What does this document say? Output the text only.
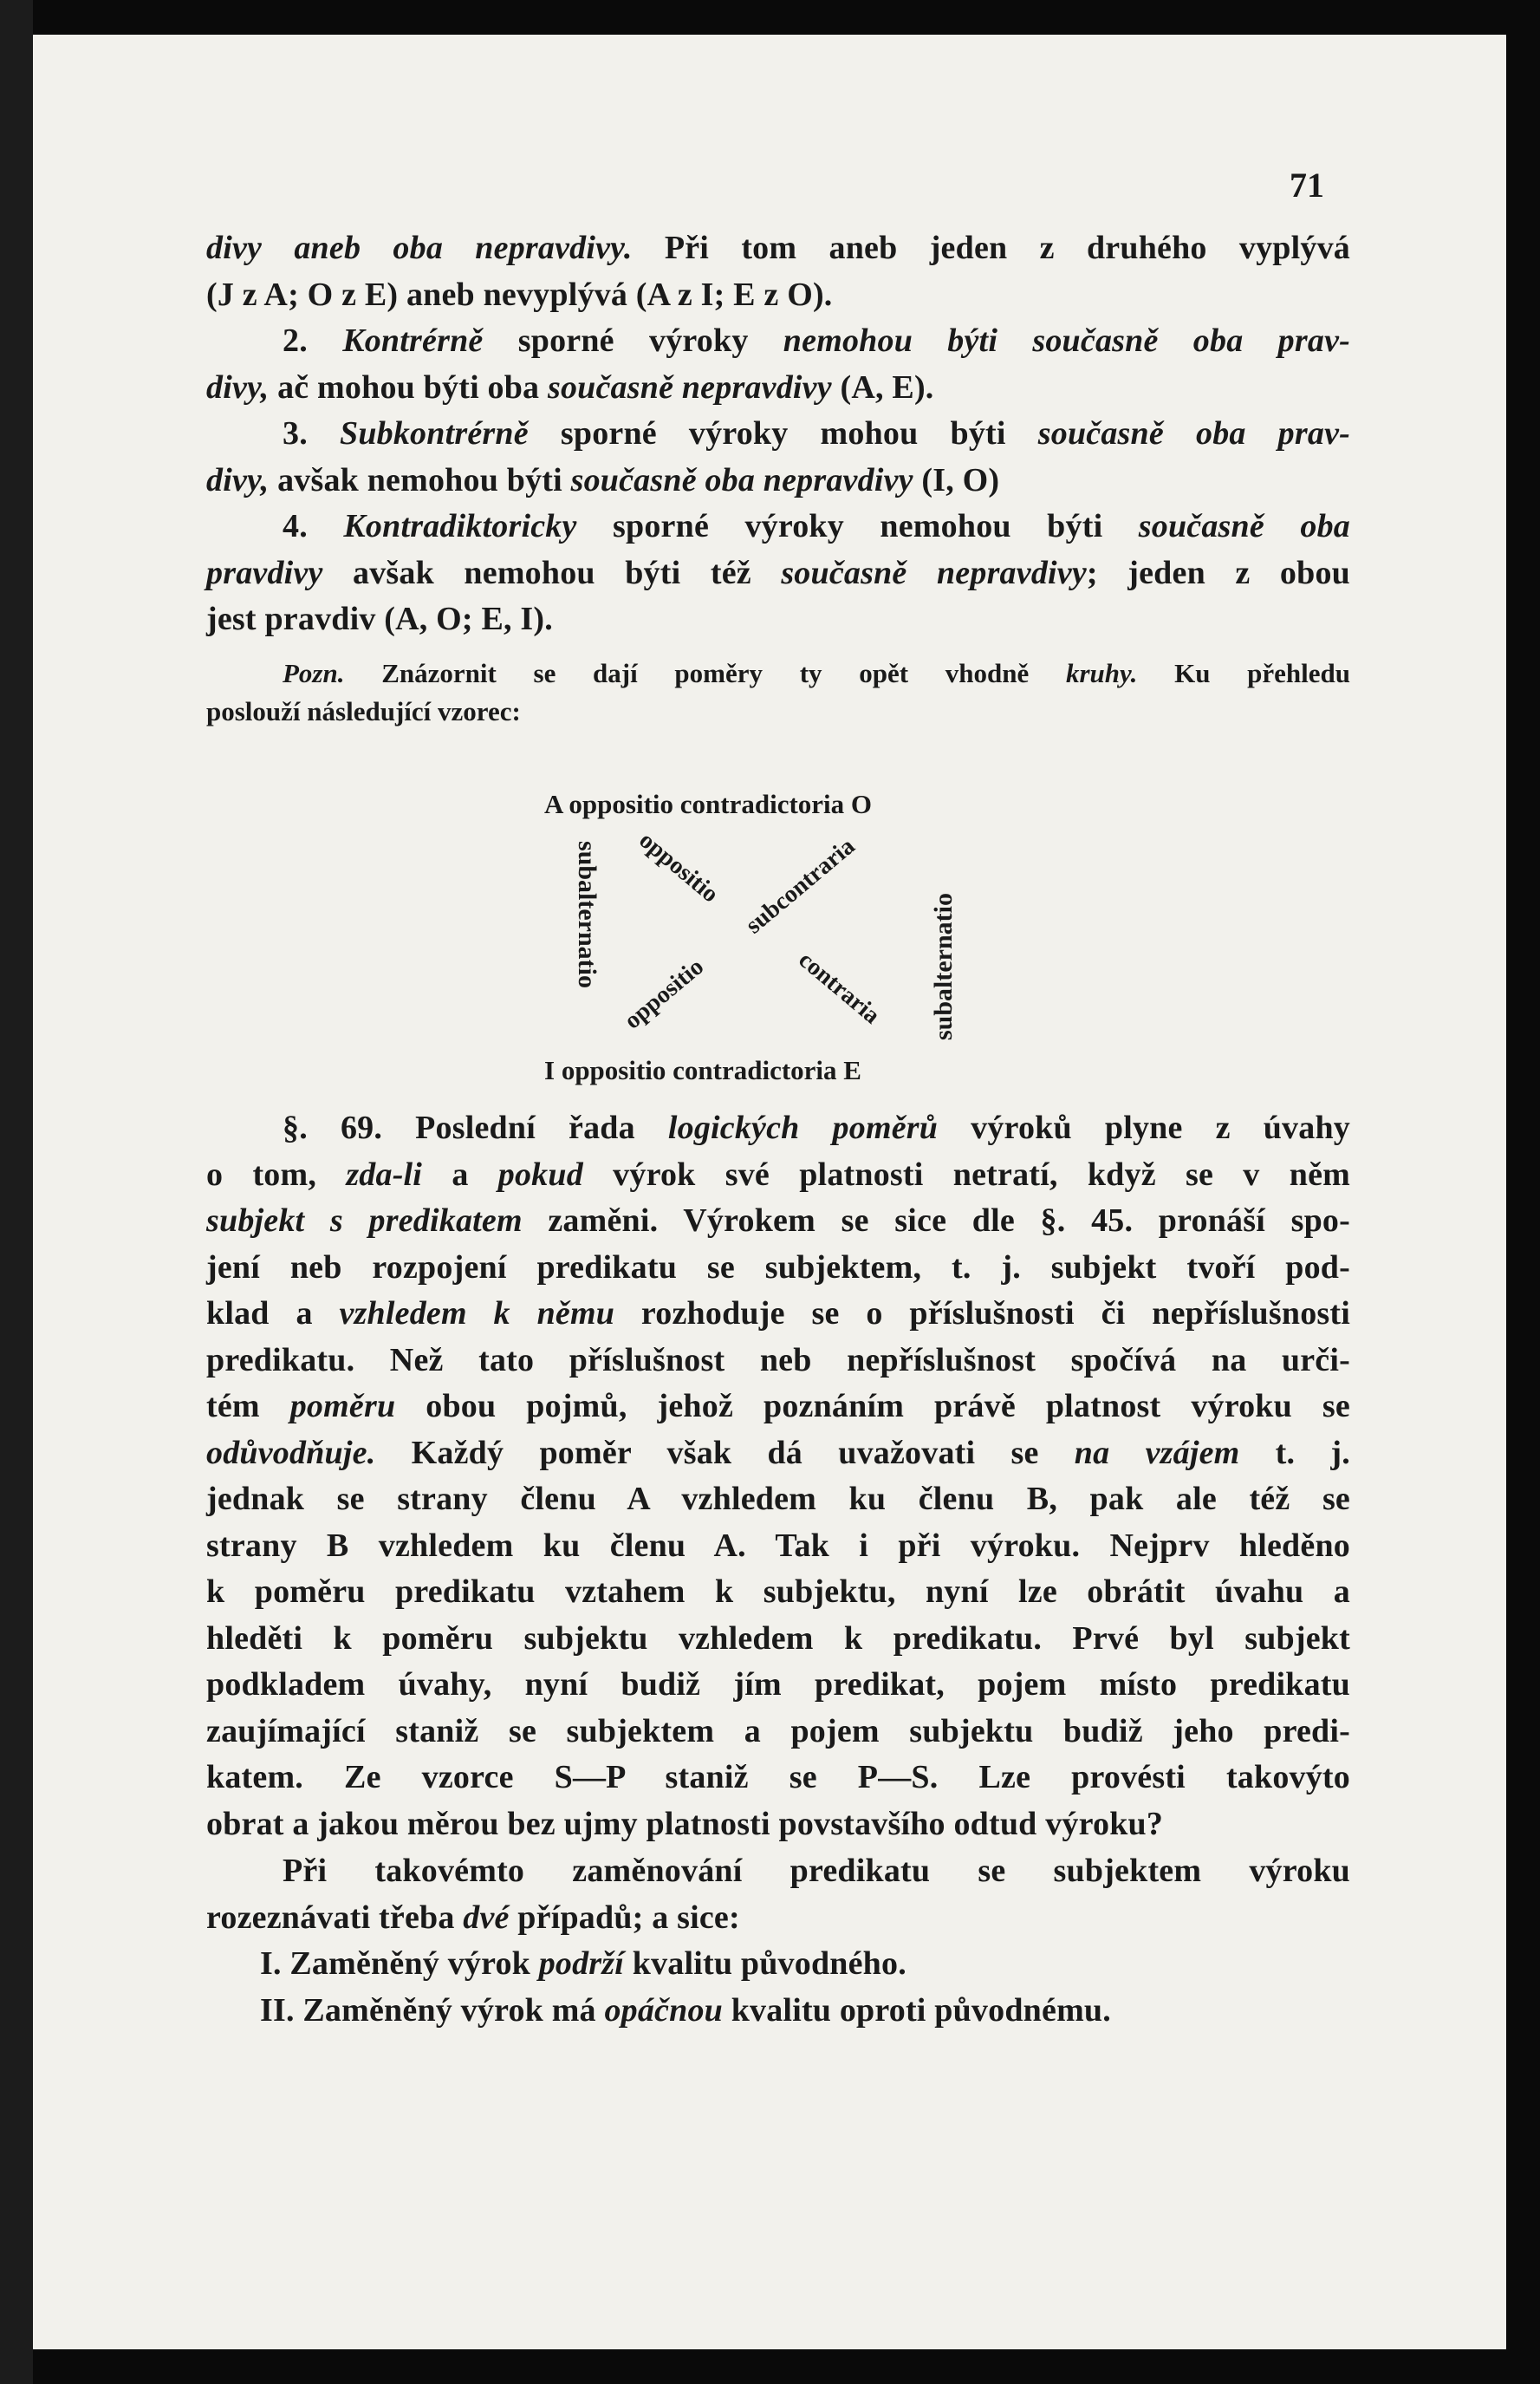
71
divy aneb oba nepravdivy. Při tom aneb jeden z druhého vyplývá
(J z A; O z E) aneb nevyplývá (A z I; E z O).
2. Kontrérně sporné výroky nemohou býti současně oba prav-
divy, ač mohou býti oba současně nepravdivy (A, E).
3. Subkontrérně sporné výroky mohou býti současně oba prav-
divy, avšak nemohou býti současně oba nepravdivy (I, O)
4. Kontradiktoricky sporné výroky nemohou býti současně oba
pravdivy avšak nemohou býti též současně nepravdivy; jeden z obou
jest pravdiv (A, O; E, I).
Pozn. Znázornit se dají poměry ty opět vhodně kruhy. Ku přehledu
poslouží následující vzorec:
A oppositio contradictoria O
I oppositio contradictoria E
subalternatio	subalternatio
oppositio
contraria
oppositio
subcontraria
§. 69. Poslední řada logických poměrů výroků plyne z úvahy
o tom, zda-li a pokud výrok své platnosti netratí, když se v něm
subjekt s predikatem zaměni. Výrokem se sice dle §. 45. pronáší spo-
jení neb rozpojení predikatu se subjektem, t. j. subjekt tvoří pod-
klad a vzhledem k němu rozhoduje se o příslušnosti či nepříslušnosti
predikatu. Než tato příslušnost neb nepříslušnost spočívá na urči-
tém poměru obou pojmů, jehož poznáním právě platnost výroku se
odůvodňuje. Každý poměr však dá uvažovati se na vzájem t. j.
jednak se strany členu A vzhledem ku členu B, pak ale též se
strany B vzhledem ku členu A. Tak i při výroku. Nejprv hleděno
k poměru predikatu vztahem k subjektu, nyní lze obrátit úvahu a
hleděti k poměru subjektu vzhledem k predikatu. Prvé byl subjekt
podkladem úvahy, nyní budiž jím predikat, pojem místo predikatu
zaujímající staniž se subjektem a pojem subjektu budiž jeho predi-
katem. Ze vzorce S—P staniž se P—S. Lze provésti takovýto
obrat a jakou měrou bez ujmy platnosti povstavšího odtud výroku?
Při takovémto zaměnování predikatu se subjektem výroku
rozeznávati třeba dvé případů; a sice:
I. Zaměněný výrok podrží kvalitu původného.
II. Zaměněný výrok má opáčnou kvalitu oproti původnému.
